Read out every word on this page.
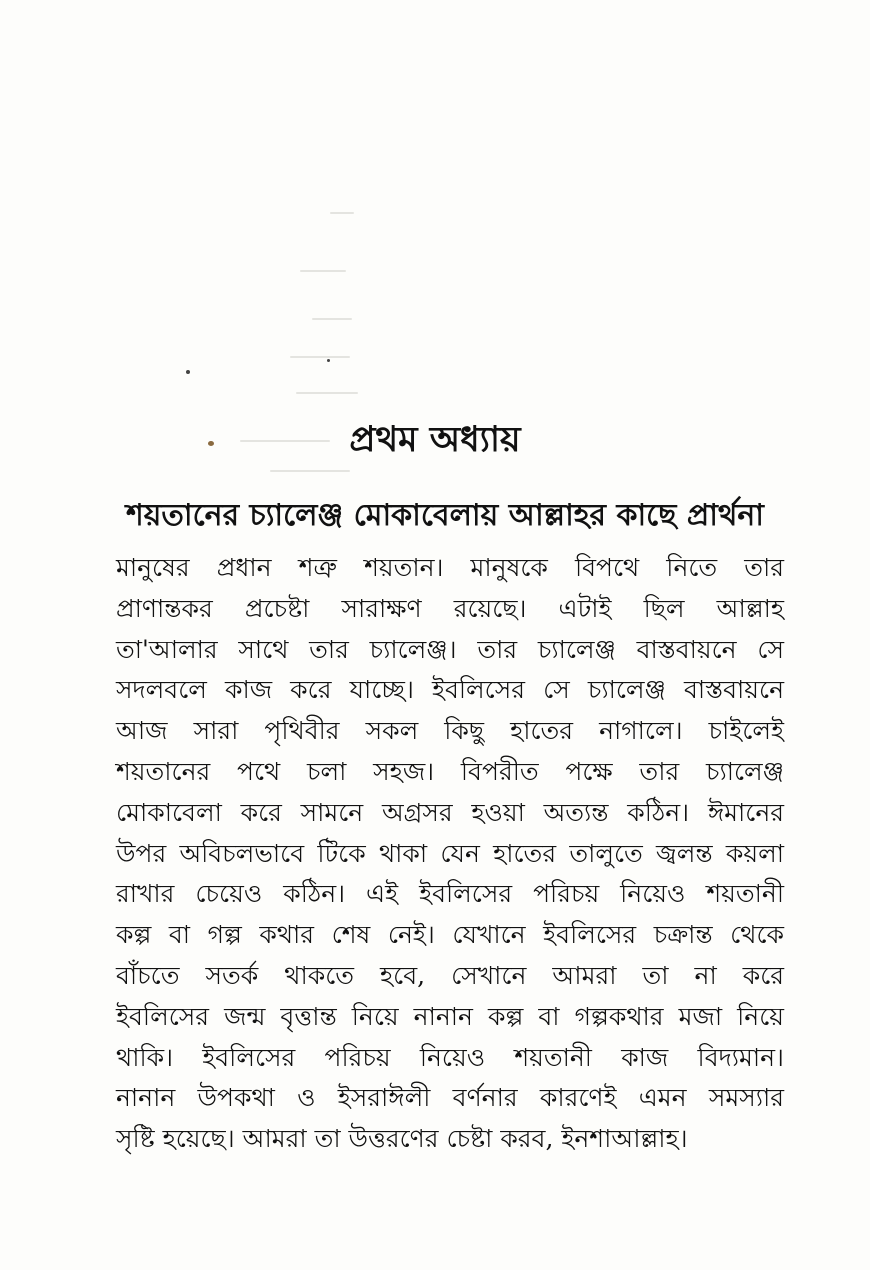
প্রথম অধ্যায়
শয়তানের চ্যালেঞ্জ মোকাবেলায় আল্লাহর কাছে প্রার্থনা
মানুষের প্রধান শত্রু শয়তান। মানুষকে বিপথে নিতে তার
প্রাণান্তকর প্রচেষ্টা সারাক্ষণ রয়েছে। এটাই ছিল আল্লাহ
তা'আলার সাথে তার চ্যালেঞ্জ। তার চ্যালেঞ্জ বাস্তবায়নে সে
সদলবলে কাজ করে যাচ্ছে। ইবলিসের সে চ্যালেঞ্জ বাস্তবায়নে
আজ সারা পৃথিবীর সকল কিছু হাতের নাগালে। চাইলেই
শয়তানের পথে চলা সহজ। বিপরীত পক্ষে তার চ্যালেঞ্জ
মোকাবেলা করে সামনে অগ্রসর হওয়া অত্যন্ত কঠিন। ঈমানের
উপর অবিচলভাবে টিকে থাকা যেন হাতের তালুতে জ্বলন্ত কয়লা
রাখার চেয়েও কঠিন। এই ইবলিসের পরিচয় নিয়েও শয়তানী
কল্প বা গল্প কথার শেষ নেই। যেখানে ইবলিসের চক্রান্ত থেকে
বাঁচতে সতর্ক থাকতে হবে, সেখানে আমরা তা না করে
ইবলিসের জন্ম বৃত্তান্ত নিয়ে নানান কল্প বা গল্পকথার মজা নিয়ে
থাকি। ইবলিসের পরিচয় নিয়েও শয়তানী কাজ বিদ্যমান।
নানান উপকথা ও ইসরাঈলী বর্ণনার কারণেই এমন সমস্যার
সৃষ্টি হয়েছে। আমরা তা উত্তরণের চেষ্টা করব, ইনশাআল্লাহ।
